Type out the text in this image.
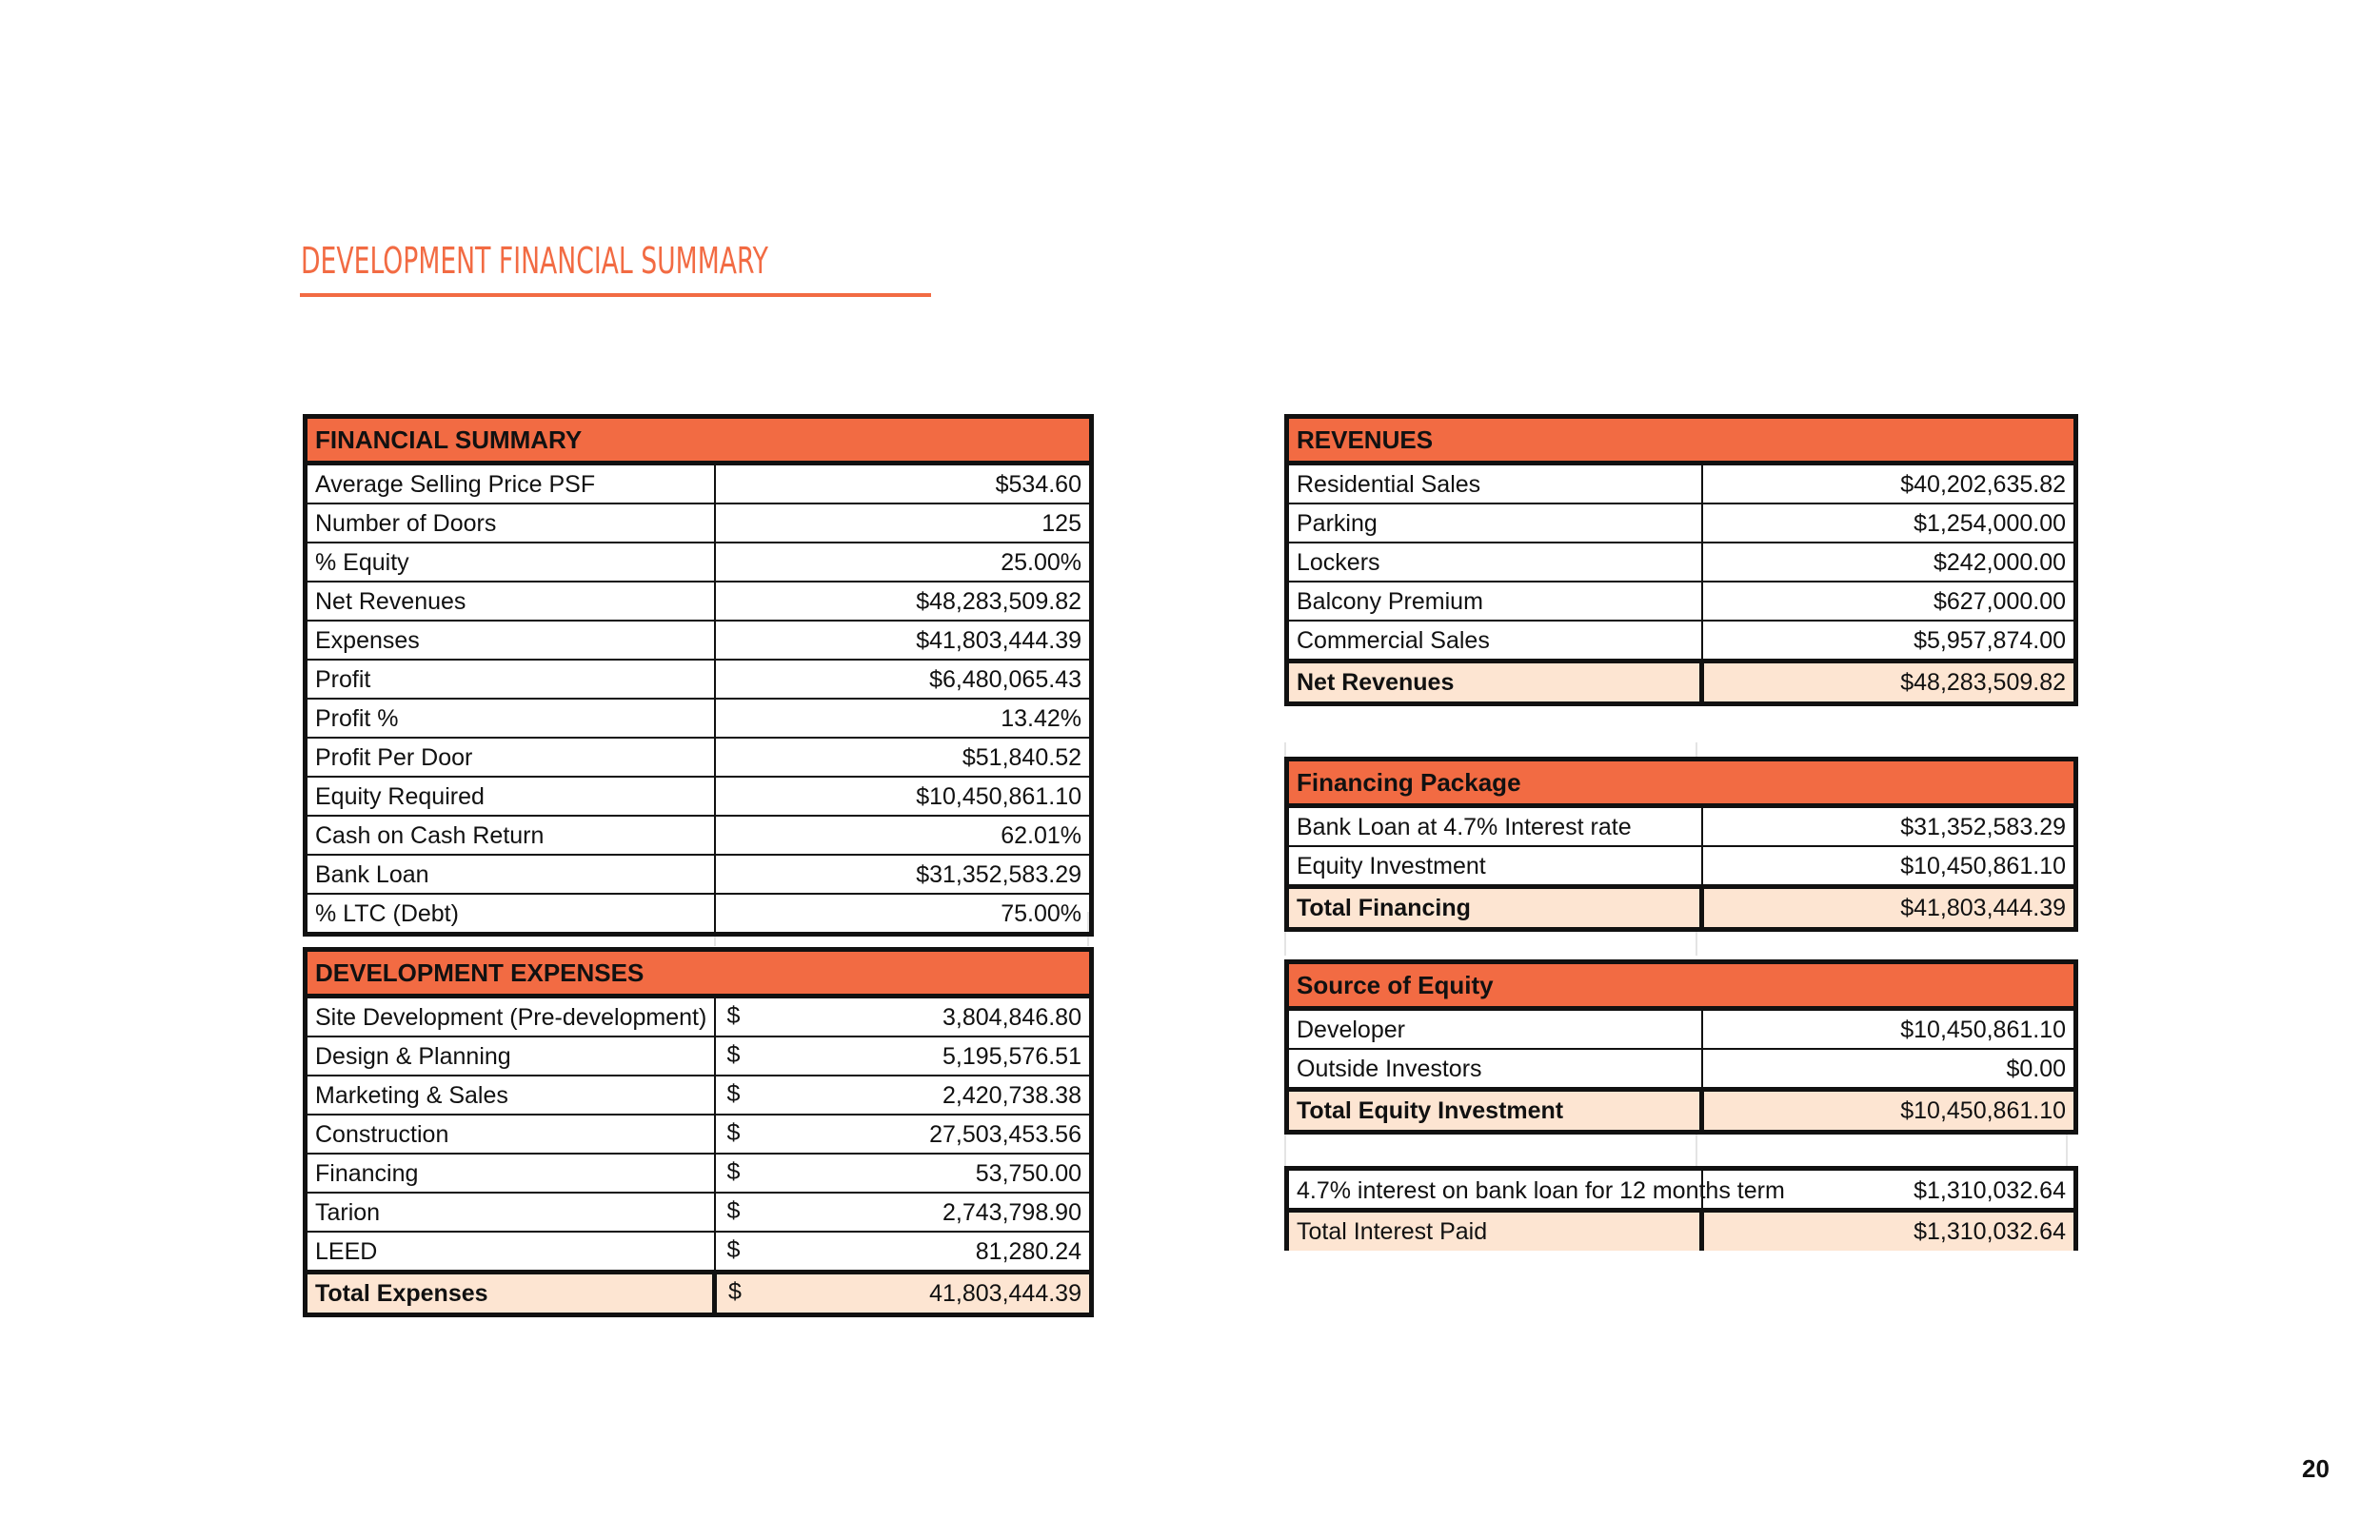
DEVELOPMENT FINANCIAL SUMMARY
FINANCIAL SUMMARY	
Average Selling Price PSF	$534.60
Number of Doors	125
% Equity	25.00%
Net Revenues	$48,283,509.82
Expenses	$41,803,444.39
Profit	$6,480,065.43
Profit %	13.42%
Profit Per Door	$51,840.52
Equity Required	$10,450,861.10
Cash on Cash Return	62.01%
Bank Loan	$31,352,583.29
% LTC (Debt)	75.00%
DEVELOPMENT EXPENSES	
Site Development (Pre-development)	$ 3,804,846.80

Design & Planning	$ 5,195,576.51

Marketing & Sales	$ 2,420,738.38

Construction	$ 27,503,453.56

Financing	$ 53,750.00

Tarion	$ 2,743,798.90

LEED	$ 81,280.24

Total Expenses	$ 41,803,444.39
REVENUES	
Residential Sales	$40,202,635.82
Parking	$1,254,000.00
Lockers	$242,000.00
Balcony Premium	$627,000.00
Commercial Sales	$5,957,874.00
Net Revenues	$48,283,509.82
Financing Package	
Bank Loan at 4.7% Interest rate	$31,352,583.29
Equity Investment	$10,450,861.10
Total Financing	$41,803,444.39
Source of Equity	
Developer	$10,450,861.10
Outside Investors	$0.00
Total Equity Investment	$10,450,861.10
4.7% interest on bank loan for 12 months term	$1,310,032.64
Total Interest Paid	$1,310,032.64
20
